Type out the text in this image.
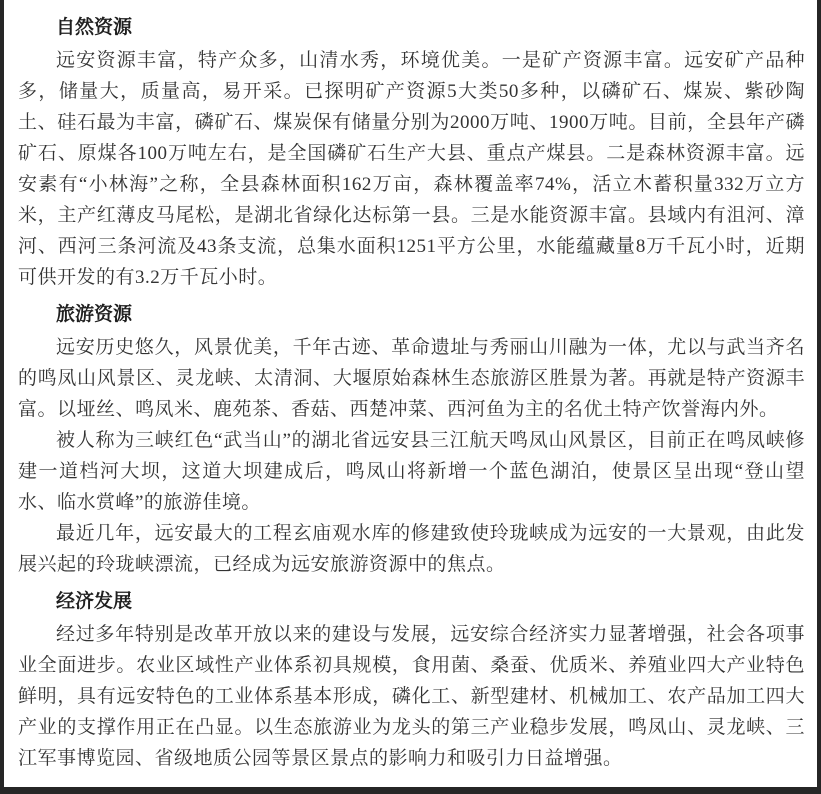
自然资源

远安资源丰富，特产众多，山清水秀，环境优美。一是矿产资源丰富。远安矿产品种多，储量大，质量高，易开采。已探明矿产资源5大类50多种，以磷矿石、煤炭、紫砂陶土、硅石最为丰富，磷矿石、煤炭保有储量分别为2000万吨、1900万吨。目前，全县年产磷矿石、原煤各100万吨左右，是全国磷矿石生产大县、重点产煤县。二是森林资源丰富。远安素有“小林海”之称，全县森林面积162万亩，森林覆盖率74%，活立木蓄积量332万立方米，主产红薄皮马尾松，是湖北省绿化达标第一县。三是水能资源丰富。县域内有沮河、漳河、西河三条河流及43条支流，总集水面积1251平方公里，水能蕴藏量8万千瓦小时，近期可供开发的有3.2万千瓦小时。

旅游资源

远安历史悠久，风景优美，千年古迹、革命遗址与秀丽山川融为一体，尤以与武当齐名的鸣凤山风景区、灵龙峡、太清洞、大堰原始森林生态旅游区胜景为著。再就是特产资源丰富。以垭丝、鸣凤米、鹿苑茶、香菇、西楚冲菜、西河鱼为主的名优土特产饮誉海内外。

被人称为三峡红色“武当山”的湖北省远安县三江航天鸣凤山风景区，目前正在鸣凤峡修建一道档河大坝，这道大坝建成后，鸣凤山将新增一个蓝色湖泊，使景区呈出现“登山望水、临水赏峰”的旅游佳境。

最近几年，远安最大的工程玄庙观水库的修建致使玲珑峡成为远安的一大景观，由此发展兴起的玲珑峡漂流，已经成为远安旅游资源中的焦点。

经济发展

经过多年特别是改革开放以来的建设与发展，远安综合经济实力显著增强，社会各项事业全面进步。农业区域性产业体系初具规模，食用菌、桑蚕、优质米、养殖业四大产业特色鲜明，具有远安特色的工业体系基本形成，磷化工、新型建材、机械加工、农产品加工四大产业的支撑作用正在凸显。以生态旅游业为龙头的第三产业稳步发展，鸣凤山、灵龙峡、三江军事博览园、省级地质公园等景区景点的影响力和吸引力日益增强。
